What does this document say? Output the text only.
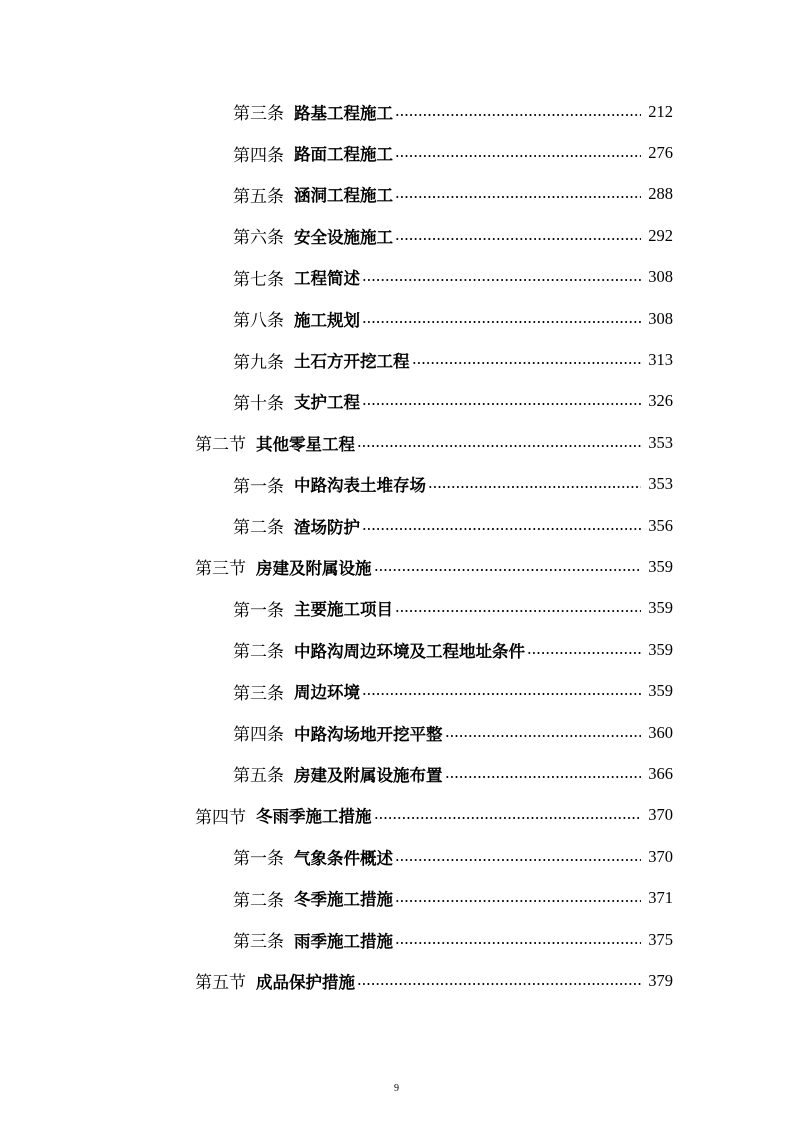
第三条 路基工程施工	212
第四条 路面工程施工	276
第五条 涵洞工程施工	288
第六条 安全设施施工	292
第七条 工程简述	308
第八条 施工规划	308
第九条 土石方开挖工程	313
第十条 支护工程	326
第二节 其他零星工程	353
第一条 中路沟表土堆存场	353
第二条 渣场防护	356
第三节 房建及附属设施	359
第一条 主要施工项目	359
第二条 中路沟周边环境及工程地址条件	359
第三条 周边环境	359
第四条 中路沟场地开挖平整	360
第五条 房建及附属设施布置	366
第四节 冬雨季施工措施	370
第一条 气象条件概述	370
第二条 冬季施工措施	371
第三条 雨季施工措施	375
第五节 成品保护措施	379
9
